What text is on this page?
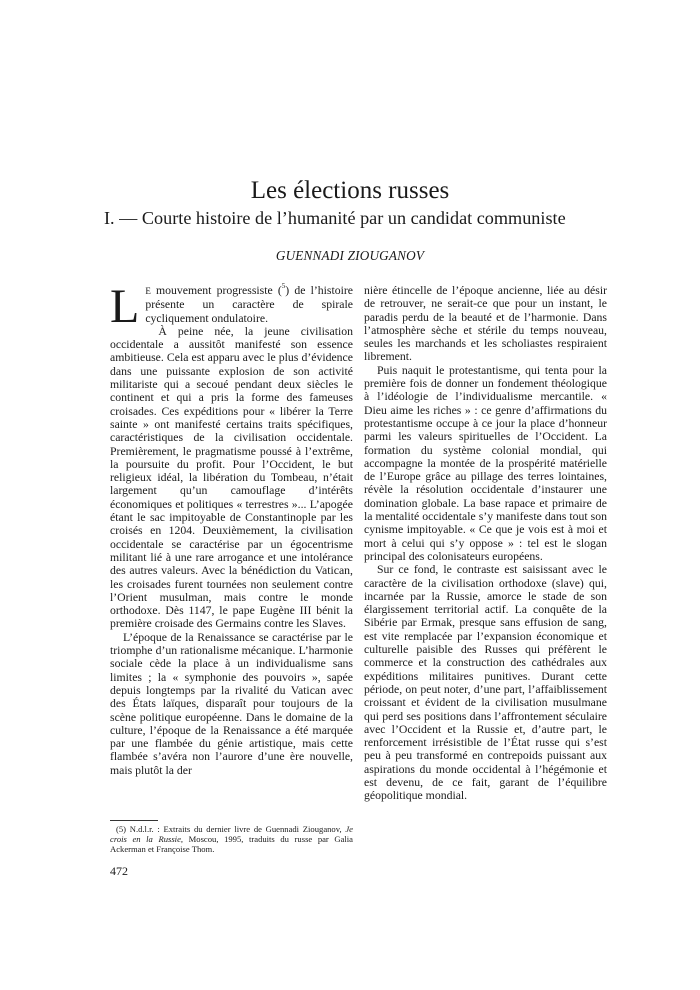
Les élections russes
I. — Courte histoire de l’humanité par un candidat communiste
GUENNADI ZIOUGANOV

L E mouvement progressiste ($^5$) de l’histoire présente un caractère de spirale cycliquement ondulatoire.

À peine née, la jeune civilisation occidentale a aussitôt manifesté son essence ambitieuse. Cela est apparu avec le plus d’évidence dans une puissante explosion de son activité militariste qui a secoué pendant deux siècles le continent et qui a pris la forme des fameuses croisades. Ces expéditions pour « libérer la Terre sainte » ont manifesté certains traits spécifiques, caractéristiques de la civilisation occidentale. Premièrement, le pragmatisme poussé à l’extrême, la poursuite du profit. Pour l’Occident, le but religieux idéal, la libération du Tombeau, n’était largement qu’un camouflage d’intérêts économiques et politiques « terrestres »... L’apogée étant le sac impitoyable de Constantinople par les croisés en 1204. Deuxièmement, la civilisation occidentale se caractérise par un égocentrisme militant lié à une rare arrogance et une intolérance des autres valeurs. Avec la bénédiction du Vatican, les croisades furent tournées non seulement contre l’Orient musulman, mais contre le monde orthodoxe. Dès 1147, le pape Eugène III bénit la première croisade des Germains contre les Slaves.

L’époque de la Renaissance se caractérise par le triomphe d’un rationalisme mécanique. L’harmonie sociale cède la place à un individualisme sans limites ; la « symphonie des pouvoirs », sapée depuis longtemps par la rivalité du Vatican avec des États laïques, disparaît pour toujours de la scène politique européenne. Dans le domaine de la culture, l’époque de la Renaissance a été marquée par une flambée du génie artistique, mais cette flambée s’avéra non l’aurore d’une ère nouvelle, mais plutôt la der

nière étincelle de l’époque ancienne, liée au désir de retrouver, ne serait-ce que pour un instant, le paradis perdu de la beauté et de l’harmonie. Dans l’atmosphère sèche et stérile du temps nouveau, seules les marchands et les scholiastes respiraient librement.

Puis naquit le protestantisme, qui tenta pour la première fois de donner un fondement théologique à l’idéologie de l’individualisme mercantile. « Dieu aime les riches » : ce genre d’affirmations du protestantisme occupe à ce jour la place d’honneur parmi les valeurs spirituelles de l’Occident. La formation du système colonial mondial, qui accompagne la montée de la prospérité matérielle de l’Europe grâce au pillage des terres lointaines, révèle la résolution occidentale d’instaurer une domination globale. La base rapace et primaire de la mentalité occidentale s’y manifeste dans tout son cynisme impitoyable. « Ce que je vois est à moi et mort à celui qui s’y oppose » : tel est le slogan principal des colonisateurs européens.

Sur ce fond, le contraste est saisissant avec le caractère de la civilisation orthodoxe (slave) qui, incarnée par la Russie, amorce le stade de son élargissement territorial actif. La conquête de la Sibérie par Ermak, presque sans effusion de sang, est vite remplacée par l’expansion économique et culturelle paisible des Russes qui préfèrent le commerce et la construction des cathédrales aux expéditions militaires punitives. Durant cette période, on peut noter, d’une part, l’affaiblissement croissant et évident de la civilisation musulmane qui perd ses positions dans l’affrontement séculaire avec l’Occident et la Russie et, d’autre part, le renforcement irrésistible de l’État russe qui s’est peu à peu transformé en contrepoids puissant aux aspirations du monde occidental à l’hégémonie et est devenu, de ce fait, garant de l’équilibre géopolitique mondial.

(5) N.d.l.r. : Extraits du dernier livre de Guennadi Ziouganov, Je crois en la Russie, Moscou, 1995, traduits du russe par Galia Ackerman et Françoise Thom.
472
